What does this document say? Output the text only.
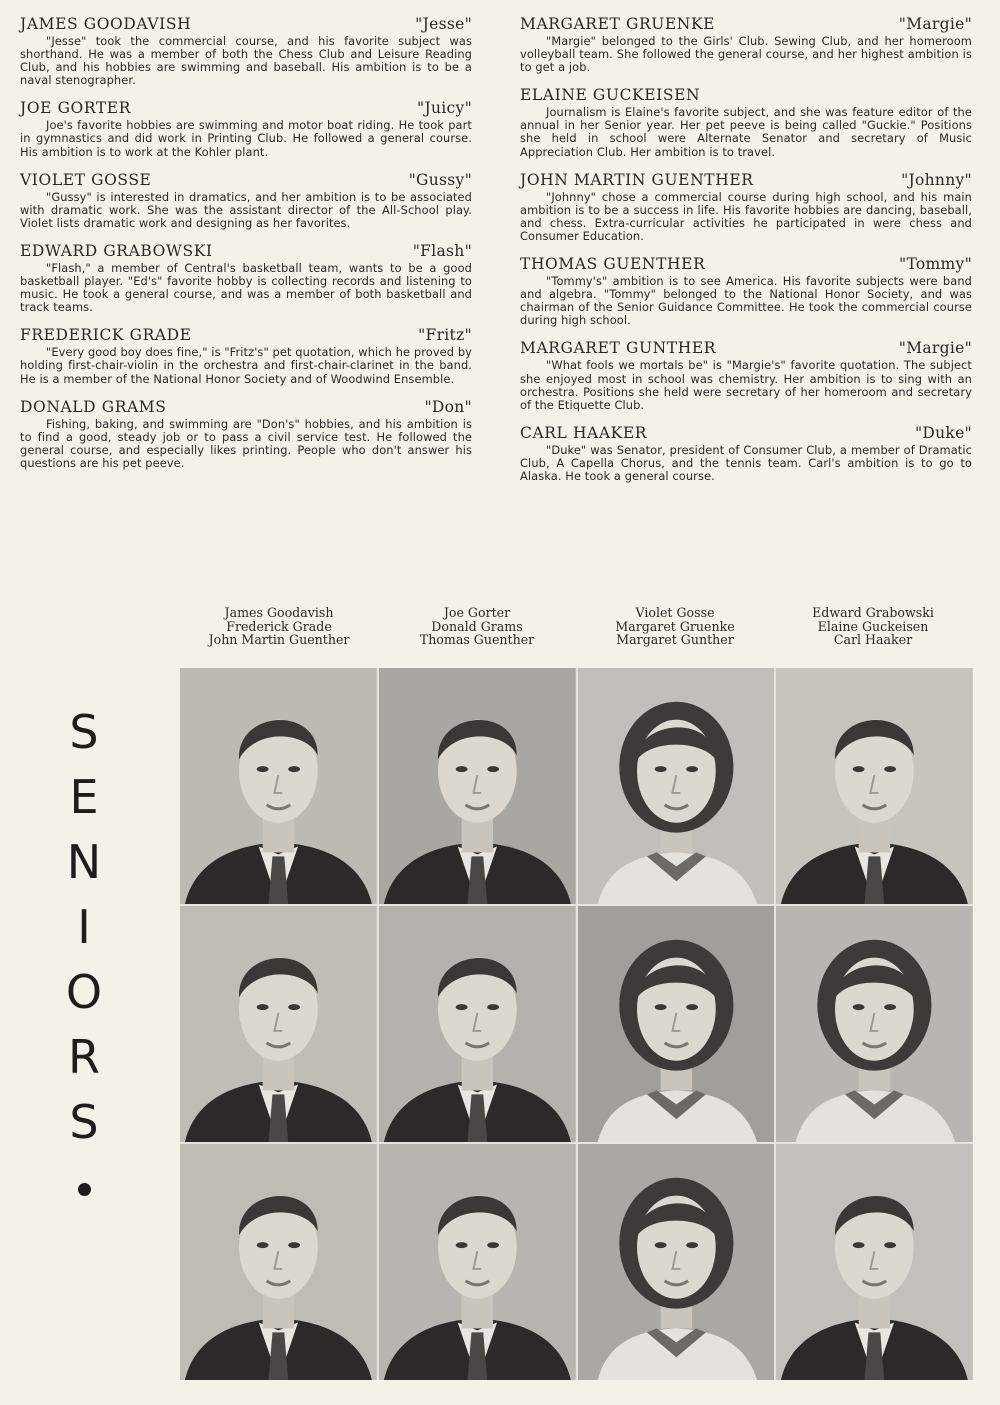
JAMES GOODAVISH	"Jesse"

"Jesse" took the commercial course, and his favorite subject was shorthand. He was a member of both the Chess Club and Leisure Reading Club, and his hobbies are swimming and baseball. His ambition is to be a naval stenographer.

JOE GORTER	"Juicy"

Joe's favorite hobbies are swimming and motor boat riding. He took part in gymnastics and did work in Printing Club. He followed a general course. His ambition is to work at the Kohler plant.

VIOLET GOSSE	"Gussy"

"Gussy" is interested in dramatics, and her ambition is to be associated with dramatic work. She was the assistant director of the All-School play. Violet lists dramatic work and designing as her favorites.

EDWARD GRABOWSKI	"Flash"

"Flash," a member of Central's basketball team, wants to be a good basketball player. "Ed's" favorite hobby is collecting records and listening to music. He took a general course, and was a member of both basketball and track teams.

FREDERICK GRADE	"Fritz"

"Every good boy does fine," is "Fritz's" pet quotation, which he proved by holding first-chair-violin in the orchestra and first-chair-clarinet in the band. He is a member of the National Honor Society and of Woodwind Ensemble.

DONALD GRAMS	"Don"

Fishing, baking, and swimming are "Don's" hobbies, and his ambition is to find a good, steady job or to pass a civil service test. He followed the general course, and especially likes printing. People who don't answer his questions are his pet peeve.

MARGARET GRUENKE	"Margie"

"Margie" belonged to the Girls' Club. Sewing Club, and her homeroom volleyball team. She followed the general course, and her highest ambition is to get a job.

ELAINE GUCKEISEN

Journalism is Elaine's favorite subject, and she was feature editor of the annual in her Senior year. Her pet peeve is being called "Guckie." Positions she held in school were Alternate Senator and secretary of Music Appreciation Club. Her ambition is to travel.

JOHN MARTIN GUENTHER	"Johnny"

"Johnny" chose a commercial course during high school, and his main ambition is to be a success in life. His favorite hobbies are dancing, baseball, and chess. Extra-curricular activities he participated in were chess and Consumer Education.

THOMAS GUENTHER	"Tommy"

"Tommy's" ambition is to see America. His favorite subjects were band and algebra. "Tommy" belonged to the National Honor Society, and was chairman of the Senior Guidance Committee. He took the commercial course during high school.

MARGARET GUNTHER	"Margie"

"What fools we mortals be" is "Margie's" favorite quotation. The subject she enjoyed most in school was chemistry. Her ambition is to sing with an orchestra. Positions she held were secretary of her homeroom and secretary of the Etiquette Club.

CARL HAAKER	"Duke"

"Duke" was Senator, president of Consumer Club, a member of Dramatic Club, A Capella Chorus, and the tennis team. Carl's ambition is to go to Alaska. He took a general course.

James Goodavish
Frederick Grade
John Martin Guenther
Joe Gorter
Donald Grams
Thomas Guenther
Violet Gosse
Margaret Gruenke
Margaret Gunther
Edward Grabowski
Elaine Guckeisen
Carl Haaker
S
E
N
I
O
R
S
